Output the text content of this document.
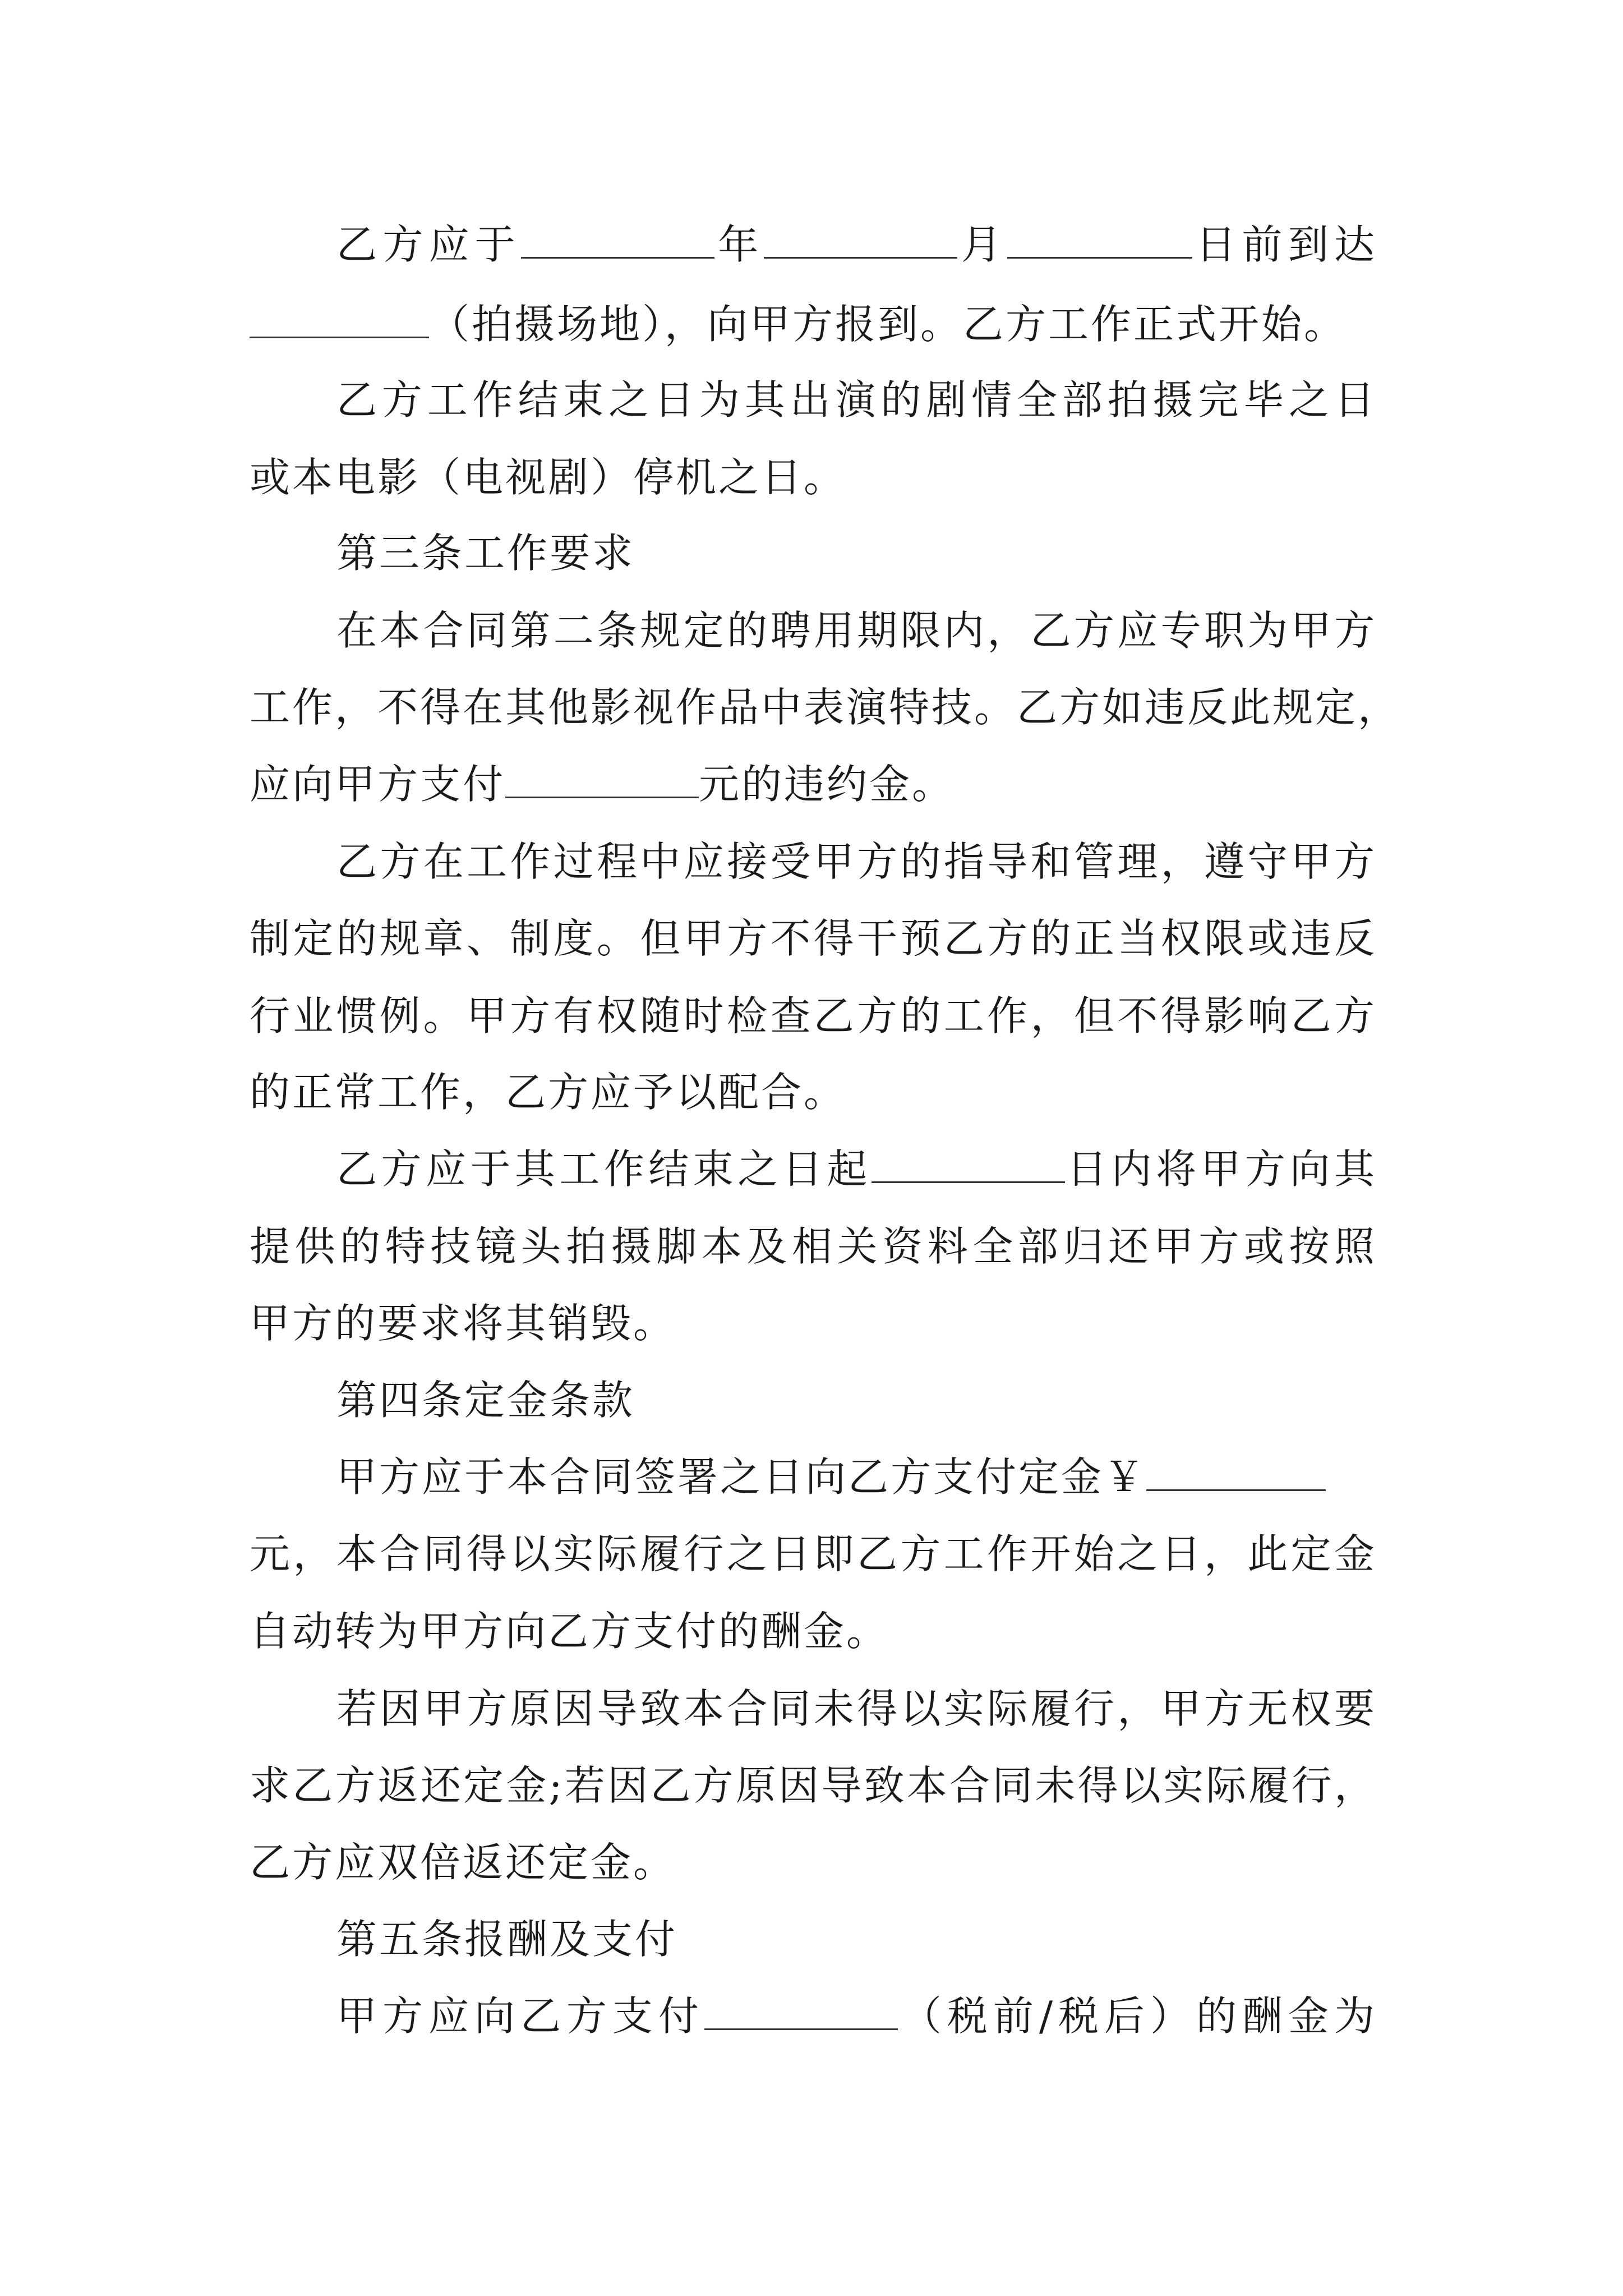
乙方应于	年	月	日前到达
（拍摄场地），向甲方报到。乙方工作正式开始。
乙方工作结束之日为其出演的剧情全部拍摄完毕之日
或本电影（电视剧）停机之日。
第三条工作要求
在本合同第二条规定的聘用期限内，乙方应专职为甲方
工作，不得在其他影视作品中表演特技。乙方如违反此规定，
应向甲方支付	元的违约金。
乙方在工作过程中应接受甲方的指导和管理，遵守甲方
制定的规章、制度。但甲方不得干预乙方的正当权限或违反
行业惯例。甲方有权随时检查乙方的工作，但不得影响乙方
的正常工作，乙方应予以配合。
乙方应于其工作结束之日起	日内将甲方向其
提供的特技镜头拍摄脚本及相关资料全部归还甲方或按照
甲方的要求将其销毁。
第四条定金条款
甲方应于本合同签署之日向乙方支付定金￥
元，本合同得以实际履行之日即乙方工作开始之日，此定金
自动转为甲方向乙方支付的酬金。
若因甲方原因导致本合同未得以实际履行，甲方无权要
求乙方返还定金;若因乙方原因导致本合同未得以实际履行，
乙方应双倍返还定金。
第五条报酬及支付
甲方应向乙方支付	（税前/税后）的酬金为
